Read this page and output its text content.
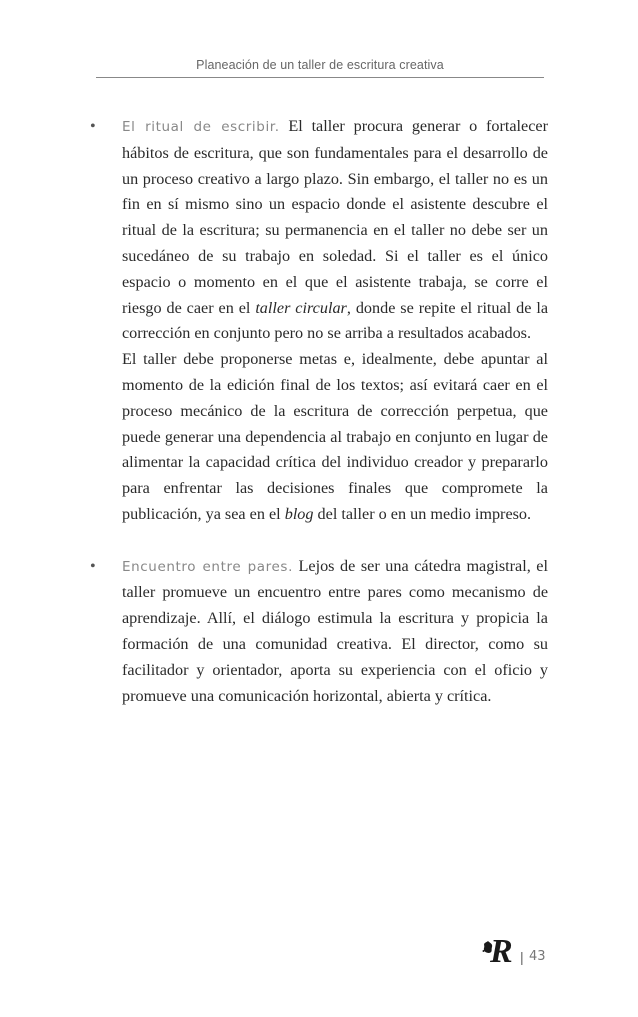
Planeación de un taller de escritura creativa
• El ritual de escribir. El taller procura generar o fortalecer hábitos de escritura, que son fundamentales para el desarrollo de un proceso creativo a largo plazo. Sin embargo, el taller no es un fin en sí mismo sino un espacio donde el asistente descubre el ritual de la escritura; su permanencia en el taller no debe ser un sucedáneo de su trabajo en soledad. Si el taller es el único espacio o momento en el que el asistente trabaja, se corre el riesgo de caer en el taller circular, donde se repite el ritual de la corrección en conjunto pero no se arriba a resultados acabados.

El taller debe proponerse metas e, idealmente, debe apuntar al momento de la edición final de los textos; así evitará caer en el proceso mecánico de la escritura de corrección perpetua, que puede generar una dependencia al trabajo en conjunto en lugar de alimentar la capacidad crítica del individuo creador y prepararlo para enfrentar las decisiones finales que compromete la publicación, ya sea en el blog del taller o en un medio impreso.

• Encuentro entre pares. Lejos de ser una cátedra magistral, el taller promueve un encuentro entre pares como mecanismo de aprendizaje. Allí, el diálogo estimula la escritura y propicia la formación de una comunidad creativa. El director, como su facilitador y orientador, aporta su experiencia con el oficio y promueve una comunicación horizontal, abierta y crítica.

R | 43
